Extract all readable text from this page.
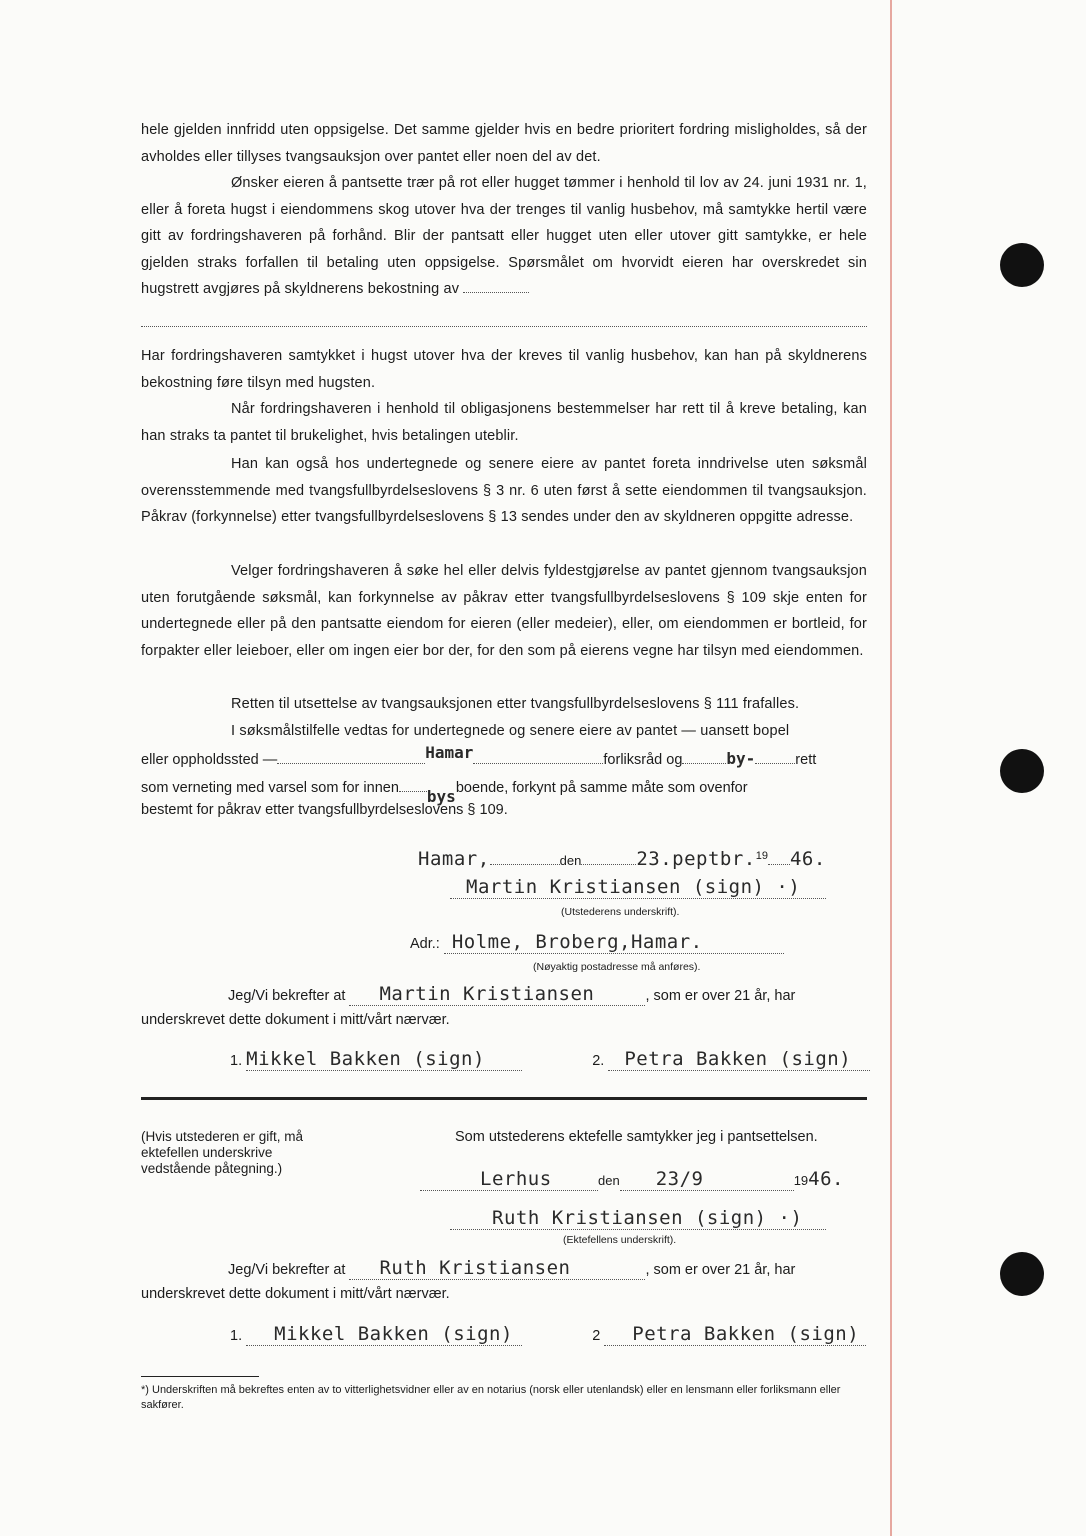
hele gjelden innfridd uten oppsigelse. Det samme gjelder hvis en bedre prioritert fordring misligholdes, så der avholdes eller tillyses tvangsauksjon over pantet eller noen del av det.
Ønsker eieren å pantsette trær på rot eller hugget tømmer i henhold til lov av 24. juni 1931 nr. 1, eller å foreta hugst i eiendommens skog utover hva der trenges til vanlig husbehov, må samtykke hertil være gitt av fordringshaveren på forhånd. Blir der pantsatt eller hugget uten eller utover gitt samtykke, er hele gjelden straks forfallen til betaling uten oppsigelse. Spørsmålet om hvorvidt eieren har overskredet sin hugstrett avgjøres på skyldnerens bekostning av
Har fordringshaveren samtykket i hugst utover hva der kreves til vanlig husbehov, kan han på skyldnerens bekostning føre tilsyn med hugsten.
Når fordringshaveren i henhold til obligasjonens bestemmelser har rett til å kreve betaling, kan han straks ta pantet til brukelighet, hvis betalingen uteblir.
Han kan også hos undertegnede og senere eiere av pantet foreta inndrivelse uten søksmål overensstemmende med tvangsfullbyrdelseslovens § 3 nr. 6 uten først å sette eiendommen til tvangsauksjon. Påkrav (forkynnelse) etter tvangsfullbyrdelseslovens § 13 sendes under den av skyldneren oppgitte adresse.
Velger fordringshaveren å søke hel eller delvis fyldestgjørelse av pantet gjennom tvangsauksjon uten forutgående søksmål, kan forkynnelse av påkrav etter tvangsfullbyrdelseslovens § 109 skje enten for undertegnede eller på den pantsatte eiendom for eieren (eller medeier), eller, om eiendommen er bortleid, for forpakter eller leieboer, eller om ingen eier bor der, for den som på eierens vegne har tilsyn med eiendommen.
Retten til utsettelse av tvangsauksjonen etter tvangsfullbyrdelseslovens § 111 frafalles.
I søksmålstilfelle vedtas for undertegnede og senere eiere av pantet — uansett bopel
eller oppholdssted —	Hamar	forliksråd og	by-	rett
som verneting med varsel som for innen bysboende, forkynt på samme måte som ovenfor
bestemt for påkrav etter tvangsfullbyrdelseslovens § 109.
Hamar,	den	23.peptbr.$^{19}$ 46.
Martin Kristiansen (sign) ·)
(Utstederens underskrift).
Adr.: Holme, Broberg,Hamar.
(Nøyaktig postadresse må anføres).
Jeg/Vi bekrefter at Martin Kristiansen	, som er over 21 år, har
underskrevet dette dokument i mitt/vårt nærvær.
1. Mikkel Bakken (sign)	2. Petra Bakken (sign)
(Hvis utstederen er gift, må ektefellen underskrive vedstående påtegning.)
Som utstederens ektefelle samtykker jeg i pantsettelsen.
Lerhus	den 23/9	1946.
Ruth Kristiansen (sign) ·)
(Ektefellens underskrift).
Jeg/Vi bekrefter at Ruth Kristiansen	, som er over 21 år, har
underskrevet dette dokument i mitt/vårt nærvær.
1. Mikkel Bakken (sign)	2 Petra Bakken (sign)
*) Underskriften må bekreftes enten av to vitterlighetsvidner eller av en notarius (norsk eller utenlandsk) eller en lensmann eller forliksmann eller sakfører.
